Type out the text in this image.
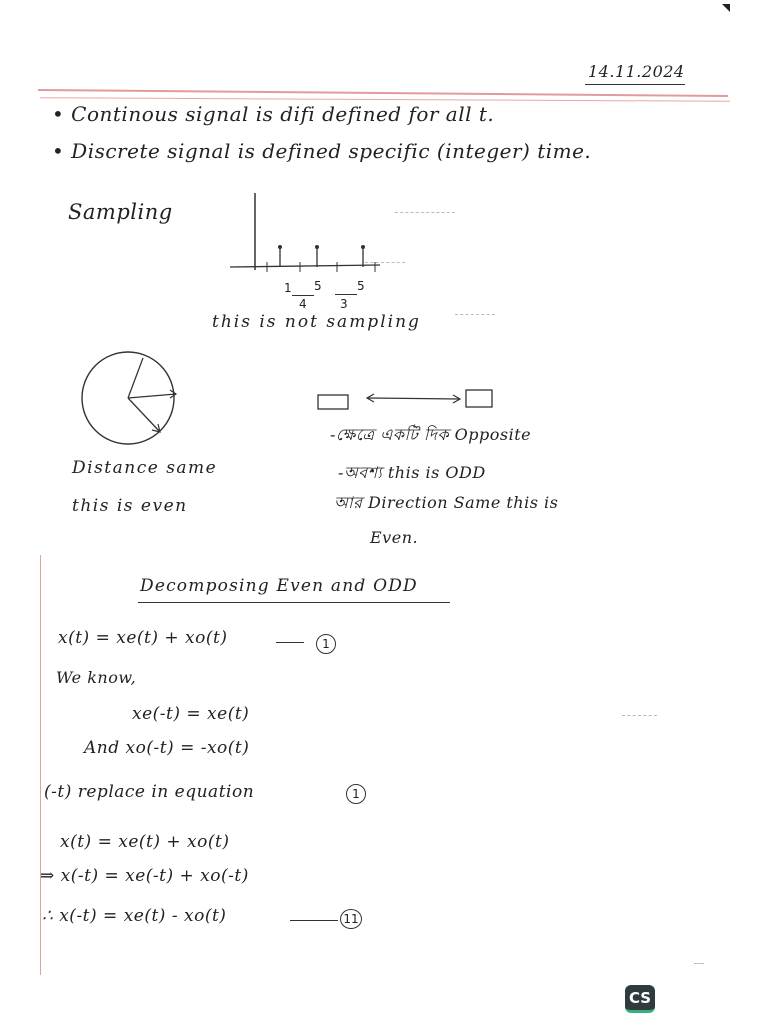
14.11.2024
• Continous signal is difi defined for all t.
• Discrete signal is defined specific (integer) time.
Sampling
1 5	5
4	3
this is not sampling
Distance same
this is even
-ক্ষেত্রে একটি দিক Opposite
-অবশ্য this is ODD
আর Direction Same this is
Even.
Decomposing Even and ODD
x(t) = xe(t) + xo(t)	1
We know,
xe(-t) = xe(t)
And xo(-t) = -xo(t)
(-t) replace in equation	1
x(t) = xe(t) + xo(t)
⇒ x(-t) = xe(-t) + xo(-t)
∴ x(-t) = xe(t) - xo(t)	11
CS
